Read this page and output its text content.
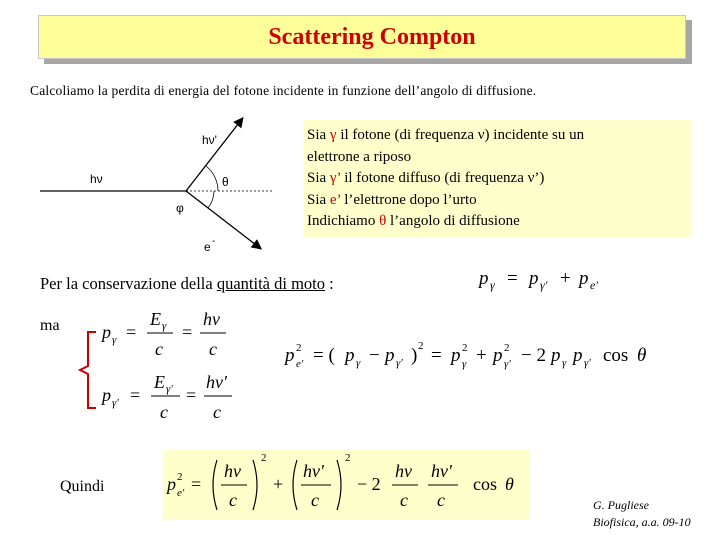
Scattering Compton
Calcoliamo la perdita di energia del fotone incidente in funzione dell’angolo di diffusione.
hν'
hν	θ
φ
e -
Sia γ il fotone (di frequenza ν) incidente su un
elettrone a riposo
Sia γ’ il fotone diffuso (di frequenza ν’)
Sia e’ l’elettrone dopo l’urto
Indichiamo θ l’angolo di diffusione
Per la conservazione della quantità di moto :	p γ = p γ' + p e'
ma p γ =
E γ
c
=
hν
c
p γ' =
E γ'
c
=
hν'
c
p 2
e' = ( p γ − p γ' ) 2 = p 2
γ + p 2
γ' − 2 p γ p γ' cos θ
Quindi	p 2
e' =
hν
c
2
+
hν'
c
2
− 2
hν
c
hν'
c
cos θ
G. Pugliese
Biofisica, a.a. 09-10
